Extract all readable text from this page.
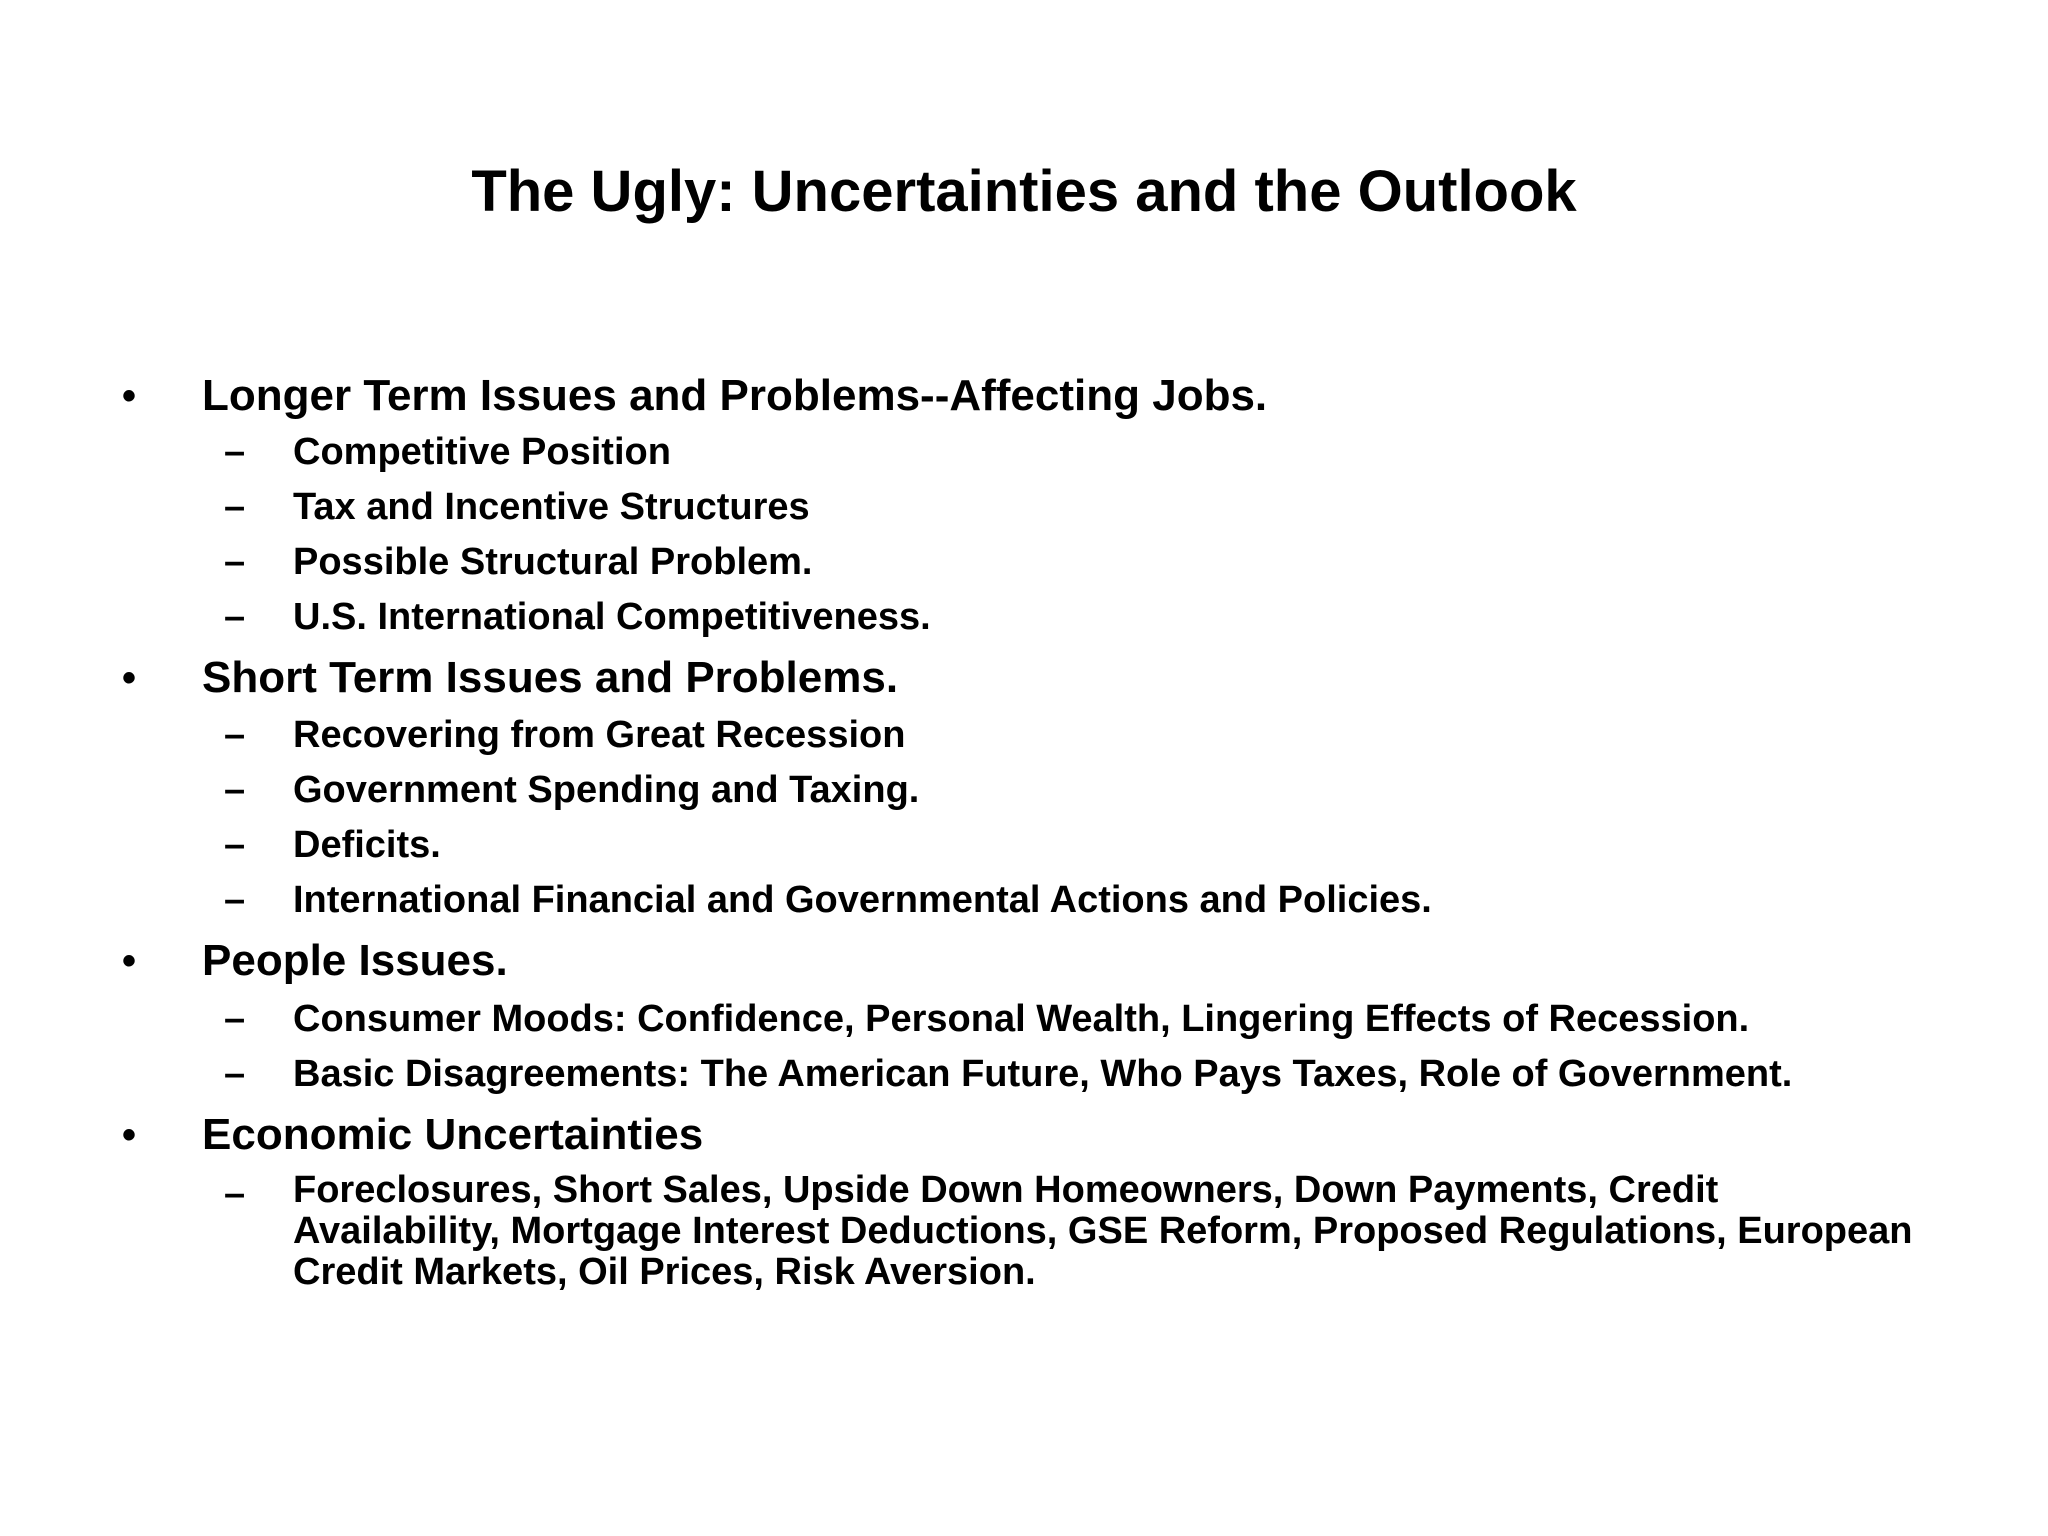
The Ugly: Uncertainties and the Outlook
• Longer Term Issues and Problems--Affecting Jobs.
– Competitive Position
– Tax and Incentive Structures
– Possible Structural Problem.
– U.S. International Competitiveness.
• Short Term Issues and Problems.
– Recovering from Great Recession
– Government Spending and Taxing.
– Deficits.
– International Financial and Governmental Actions and Policies.
• People Issues.
– Consumer Moods: Confidence, Personal Wealth, Lingering Effects of Recession.
– Basic Disagreements: The American Future, Who Pays Taxes, Role of Government.
• Economic Uncertainties
– Foreclosures, Short Sales, Upside Down Homeowners, Down Payments, Credit Availability, Mortgage Interest Deductions, GSE Reform, Proposed Regulations, European Credit Markets, Oil Prices, Risk Aversion.
